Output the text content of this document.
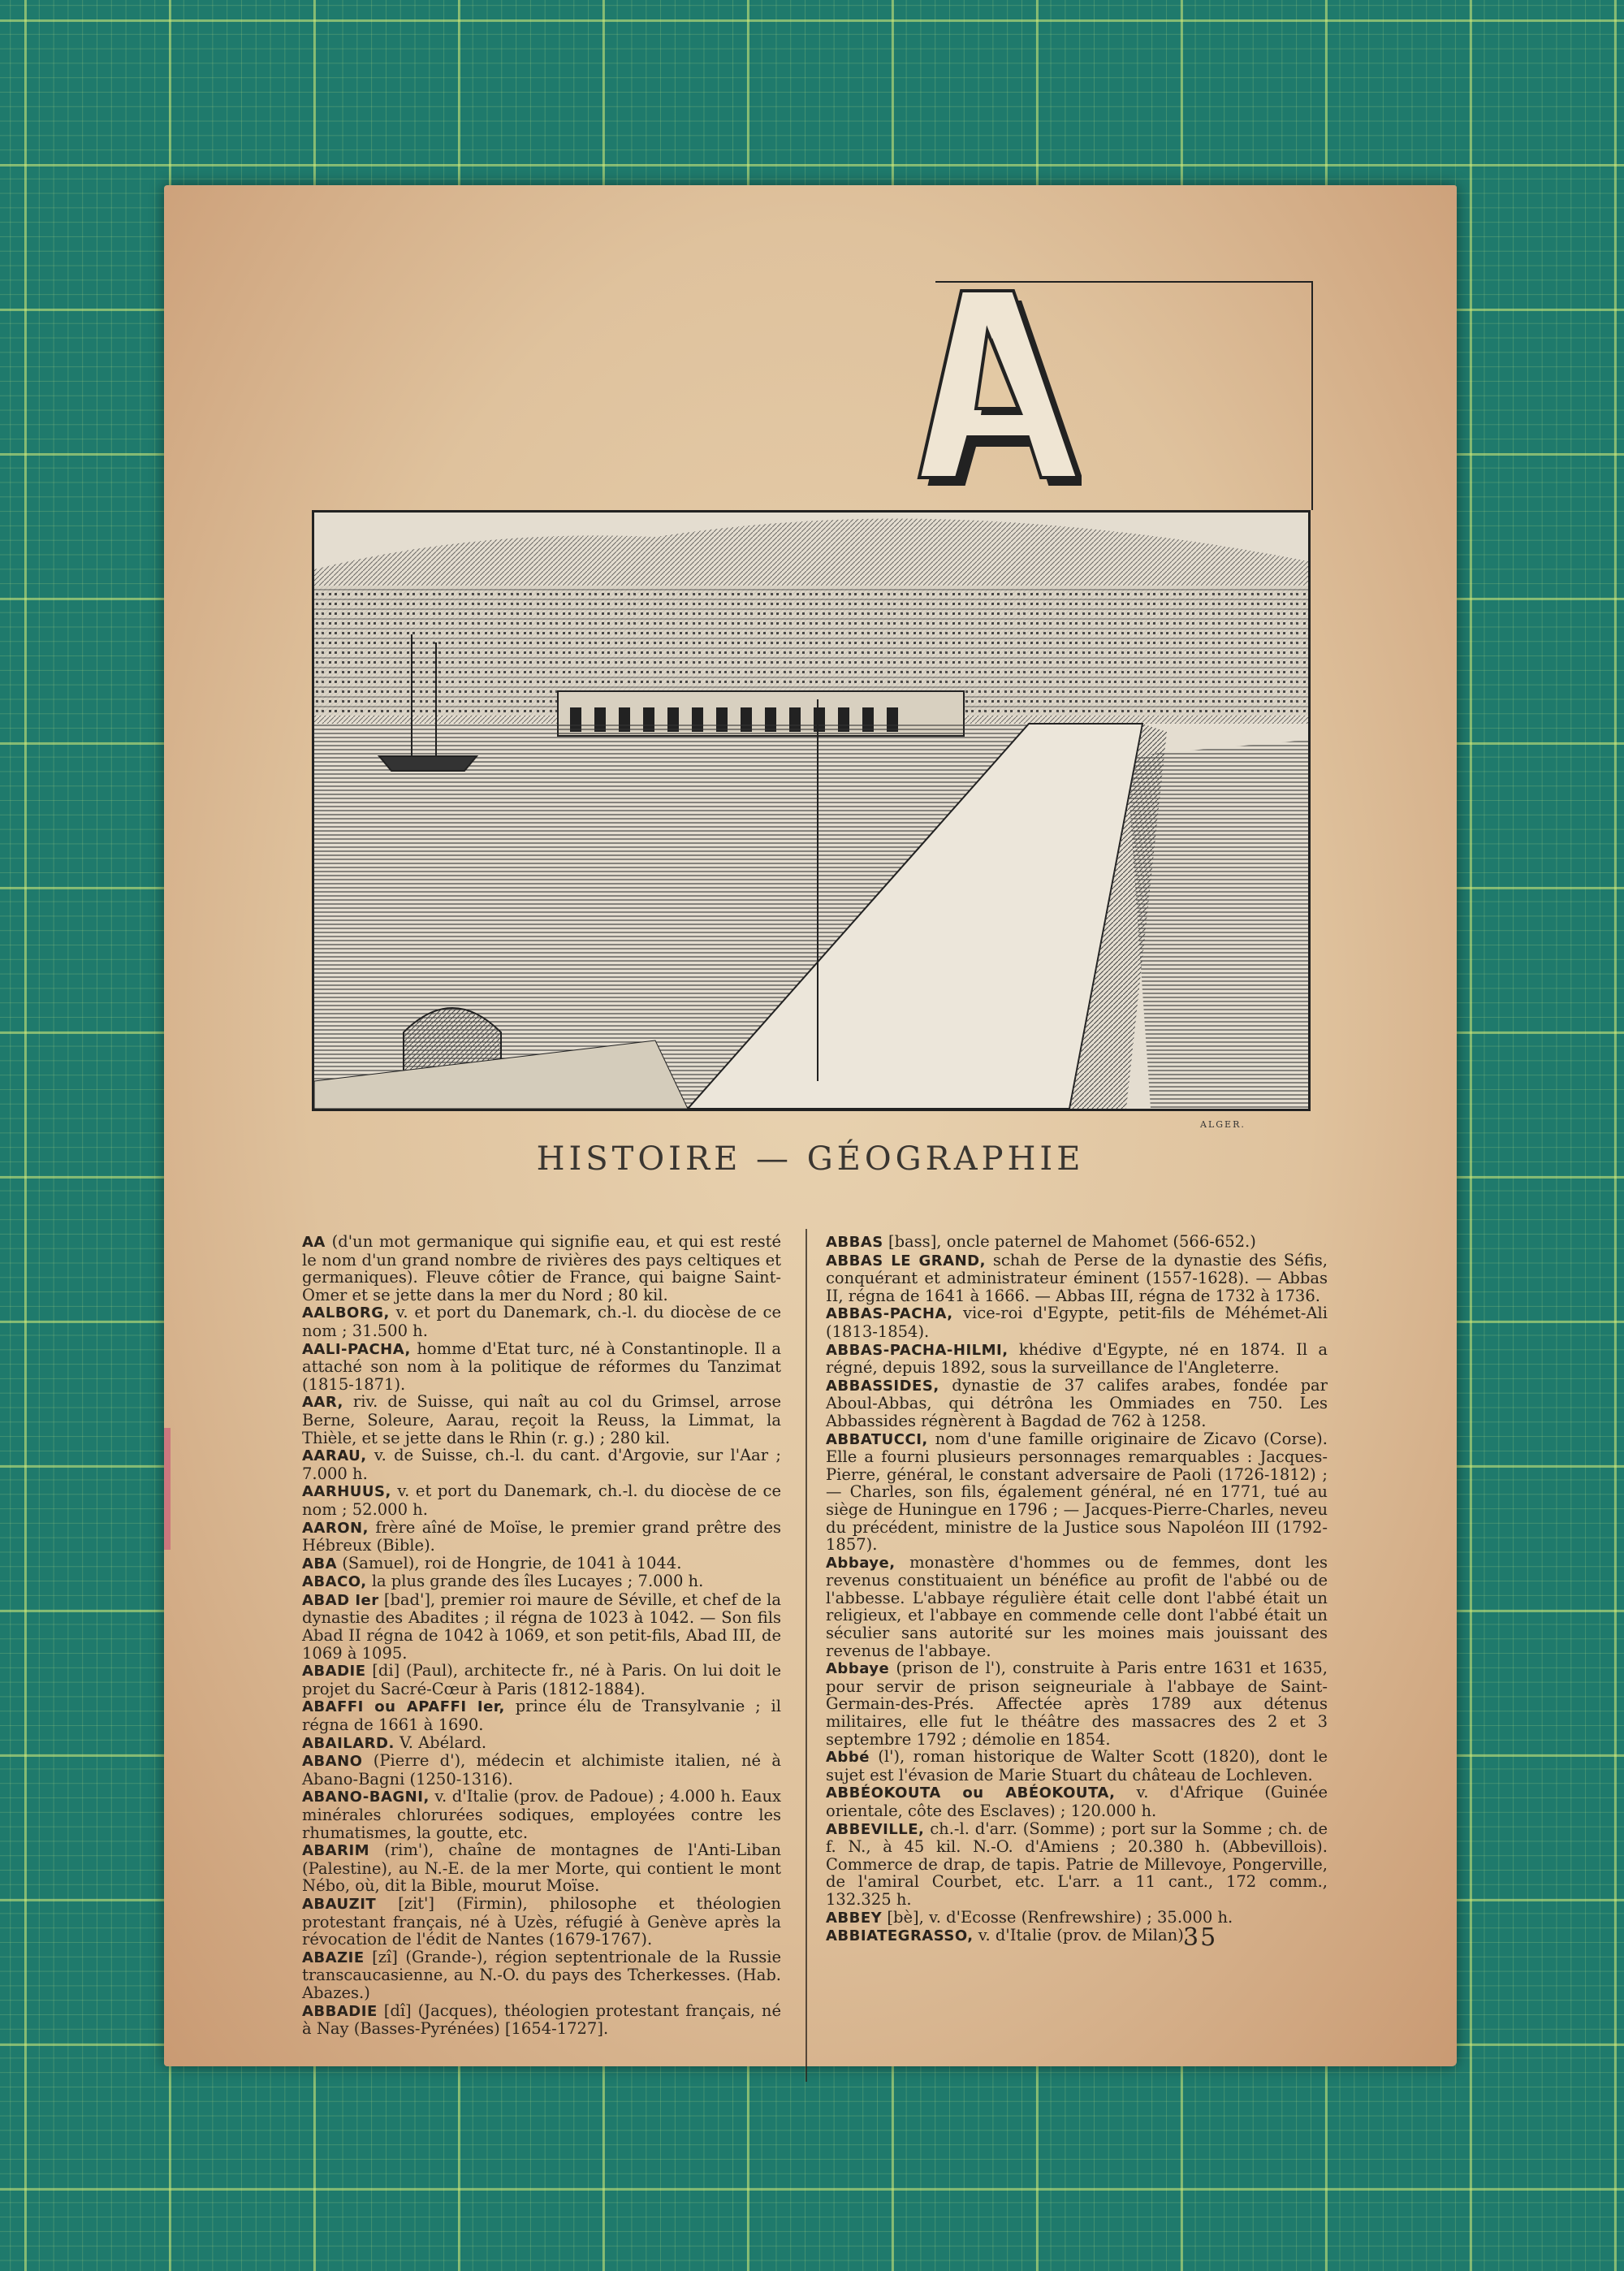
A
ALGER.
HISTOIRE — GÉOGRAPHIE

AA (d'un mot germanique qui signifie eau, et qui est resté le nom d'un grand nombre de rivières des pays celtiques et germaniques). Fleuve côtier de France, qui baigne Saint-Omer et se jette dans la mer du Nord ; 80 kil.

AALBORG, v. et port du Danemark, ch.-l. du diocèse de ce nom ; 31.500 h.

AALI-PACHA, homme d'Etat turc, né à Constantinople. Il a attaché son nom à la politique de réformes du Tanzimat (1815-1871).

AAR, riv. de Suisse, qui naît au col du Grimsel, arrose Berne, Soleure, Aarau, reçoit la Reuss, la Limmat, la Thièle, et se jette dans le Rhin (r. g.) ; 280 kil.

AARAU, v. de Suisse, ch.-l. du cant. d'Argovie, sur l'Aar ; 7.000 h.

AARHUUS, v. et port du Danemark, ch.-l. du diocèse de ce nom ; 52.000 h.

AARON, frère aîné de Moïse, le premier grand prêtre des Hébreux (Bible).

ABA (Samuel), roi de Hongrie, de 1041 à 1044.

ABACO, la plus grande des îles Lucayes ; 7.000 h.

ABAD Ier [bad'], premier roi maure de Séville, et chef de la dynastie des Abadites ; il régna de 1023 à 1042. — Son fils Abad II régna de 1042 à 1069, et son petit-fils, Abad III, de 1069 à 1095.

ABADIE [di] (Paul), architecte fr., né à Paris. On lui doit le projet du Sacré-Cœur à Paris (1812-1884).

ABAFFI ou APAFFI Ier, prince élu de Transylvanie ; il régna de 1661 à 1690.

ABAILARD. V. Abélard.

ABANO (Pierre d'), médecin et alchimiste italien, né à Abano-Bagni (1250-1316).

ABANO-BAGNI, v. d'Italie (prov. de Padoue) ; 4.000 h. Eaux minérales chlorurées sodiques, employées contre les rhumatismes, la goutte, etc.

ABARIM (rim'), chaîne de montagnes de l'Anti-Liban (Palestine), au N.-E. de la mer Morte, qui contient le mont Nébo, où, dit la Bible, mourut Moïse.

ABAUZIT [zit'] (Firmin), philosophe et théologien protestant français, né à Uzès, réfugié à Genève après la révocation de l'édit de Nantes (1679-1767).

ABAZIE [zî] (Grande-), région septentrionale de la Russie transcaucasienne, au N.-O. du pays des Tcherkesses. (Hab. Abazes.)

ABBADIE [dî] (Jacques), théologien protestant français, né à Nay (Basses-Pyrénées) [1654-1727].

ABBAS [bass], oncle paternel de Mahomet (566-652.)

ABBAS LE GRAND, schah de Perse de la dynastie des Séfis, conquérant et administrateur éminent (1557-1628). — Abbas II, régna de 1641 à 1666. — Abbas III, régna de 1732 à 1736.

ABBAS-PACHA, vice-roi d'Egypte, petit-fils de Méhémet-Ali (1813-1854).

ABBAS-PACHA-HILMI, khédive d'Egypte, né en 1874. Il a régné, depuis 1892, sous la surveillance de l'Angleterre.

ABBASSIDES, dynastie de 37 califes arabes, fondée par Aboul-Abbas, qui détrôna les Ommiades en 750. Les Abbassides régnèrent à Bagdad de 762 à 1258.

ABBATUCCI, nom d'une famille originaire de Zicavo (Corse). Elle a fourni plusieurs personnages remarquables : Jacques-Pierre, général, le constant adversaire de Paoli (1726-1812) ; — Charles, son fils, également général, né en 1771, tué au siège de Huningue en 1796 ; — Jacques-Pierre-Charles, neveu du précédent, ministre de la Justice sous Napoléon III (1792-1857).

Abbaye, monastère d'hommes ou de femmes, dont les revenus constituaient un bénéfice au profit de l'abbé ou de l'abbesse. L'abbaye régulière était celle dont l'abbé était un religieux, et l'abbaye en commende celle dont l'abbé était un séculier sans autorité sur les moines mais jouissant des revenus de l'abbaye.

Abbaye (prison de l'), construite à Paris entre 1631 et 1635, pour servir de prison seigneuriale à l'abbaye de Saint-Germain-des-Prés. Affectée après 1789 aux détenus militaires, elle fut le théâtre des massacres des 2 et 3 septembre 1792 ; démolie en 1854.

Abbé (l'), roman historique de Walter Scott (1820), dont le sujet est l'évasion de Marie Stuart du château de Lochleven.

ABBÉOKOUTA ou ABÉOKOUTA, v. d'Afrique (Guinée orientale, côte des Esclaves) ; 120.000 h.

ABBEVILLE, ch.-l. d'arr. (Somme) ; port sur la Somme ; ch. de f. N., à 45 kil. N.-O. d'Amiens ; 20.380 h. (Abbevillois). Commerce de drap, de tapis. Patrie de Millevoye, Pongerville, de l'amiral Courbet, etc. L'arr. a 11 cant., 172 comm., 132.325 h.

ABBEY [bè], v. d'Ecosse (Renfrewshire) ; 35.000 h.

ABBIATEGRASSO, v. d'Italie (prov. de Milan),

35
